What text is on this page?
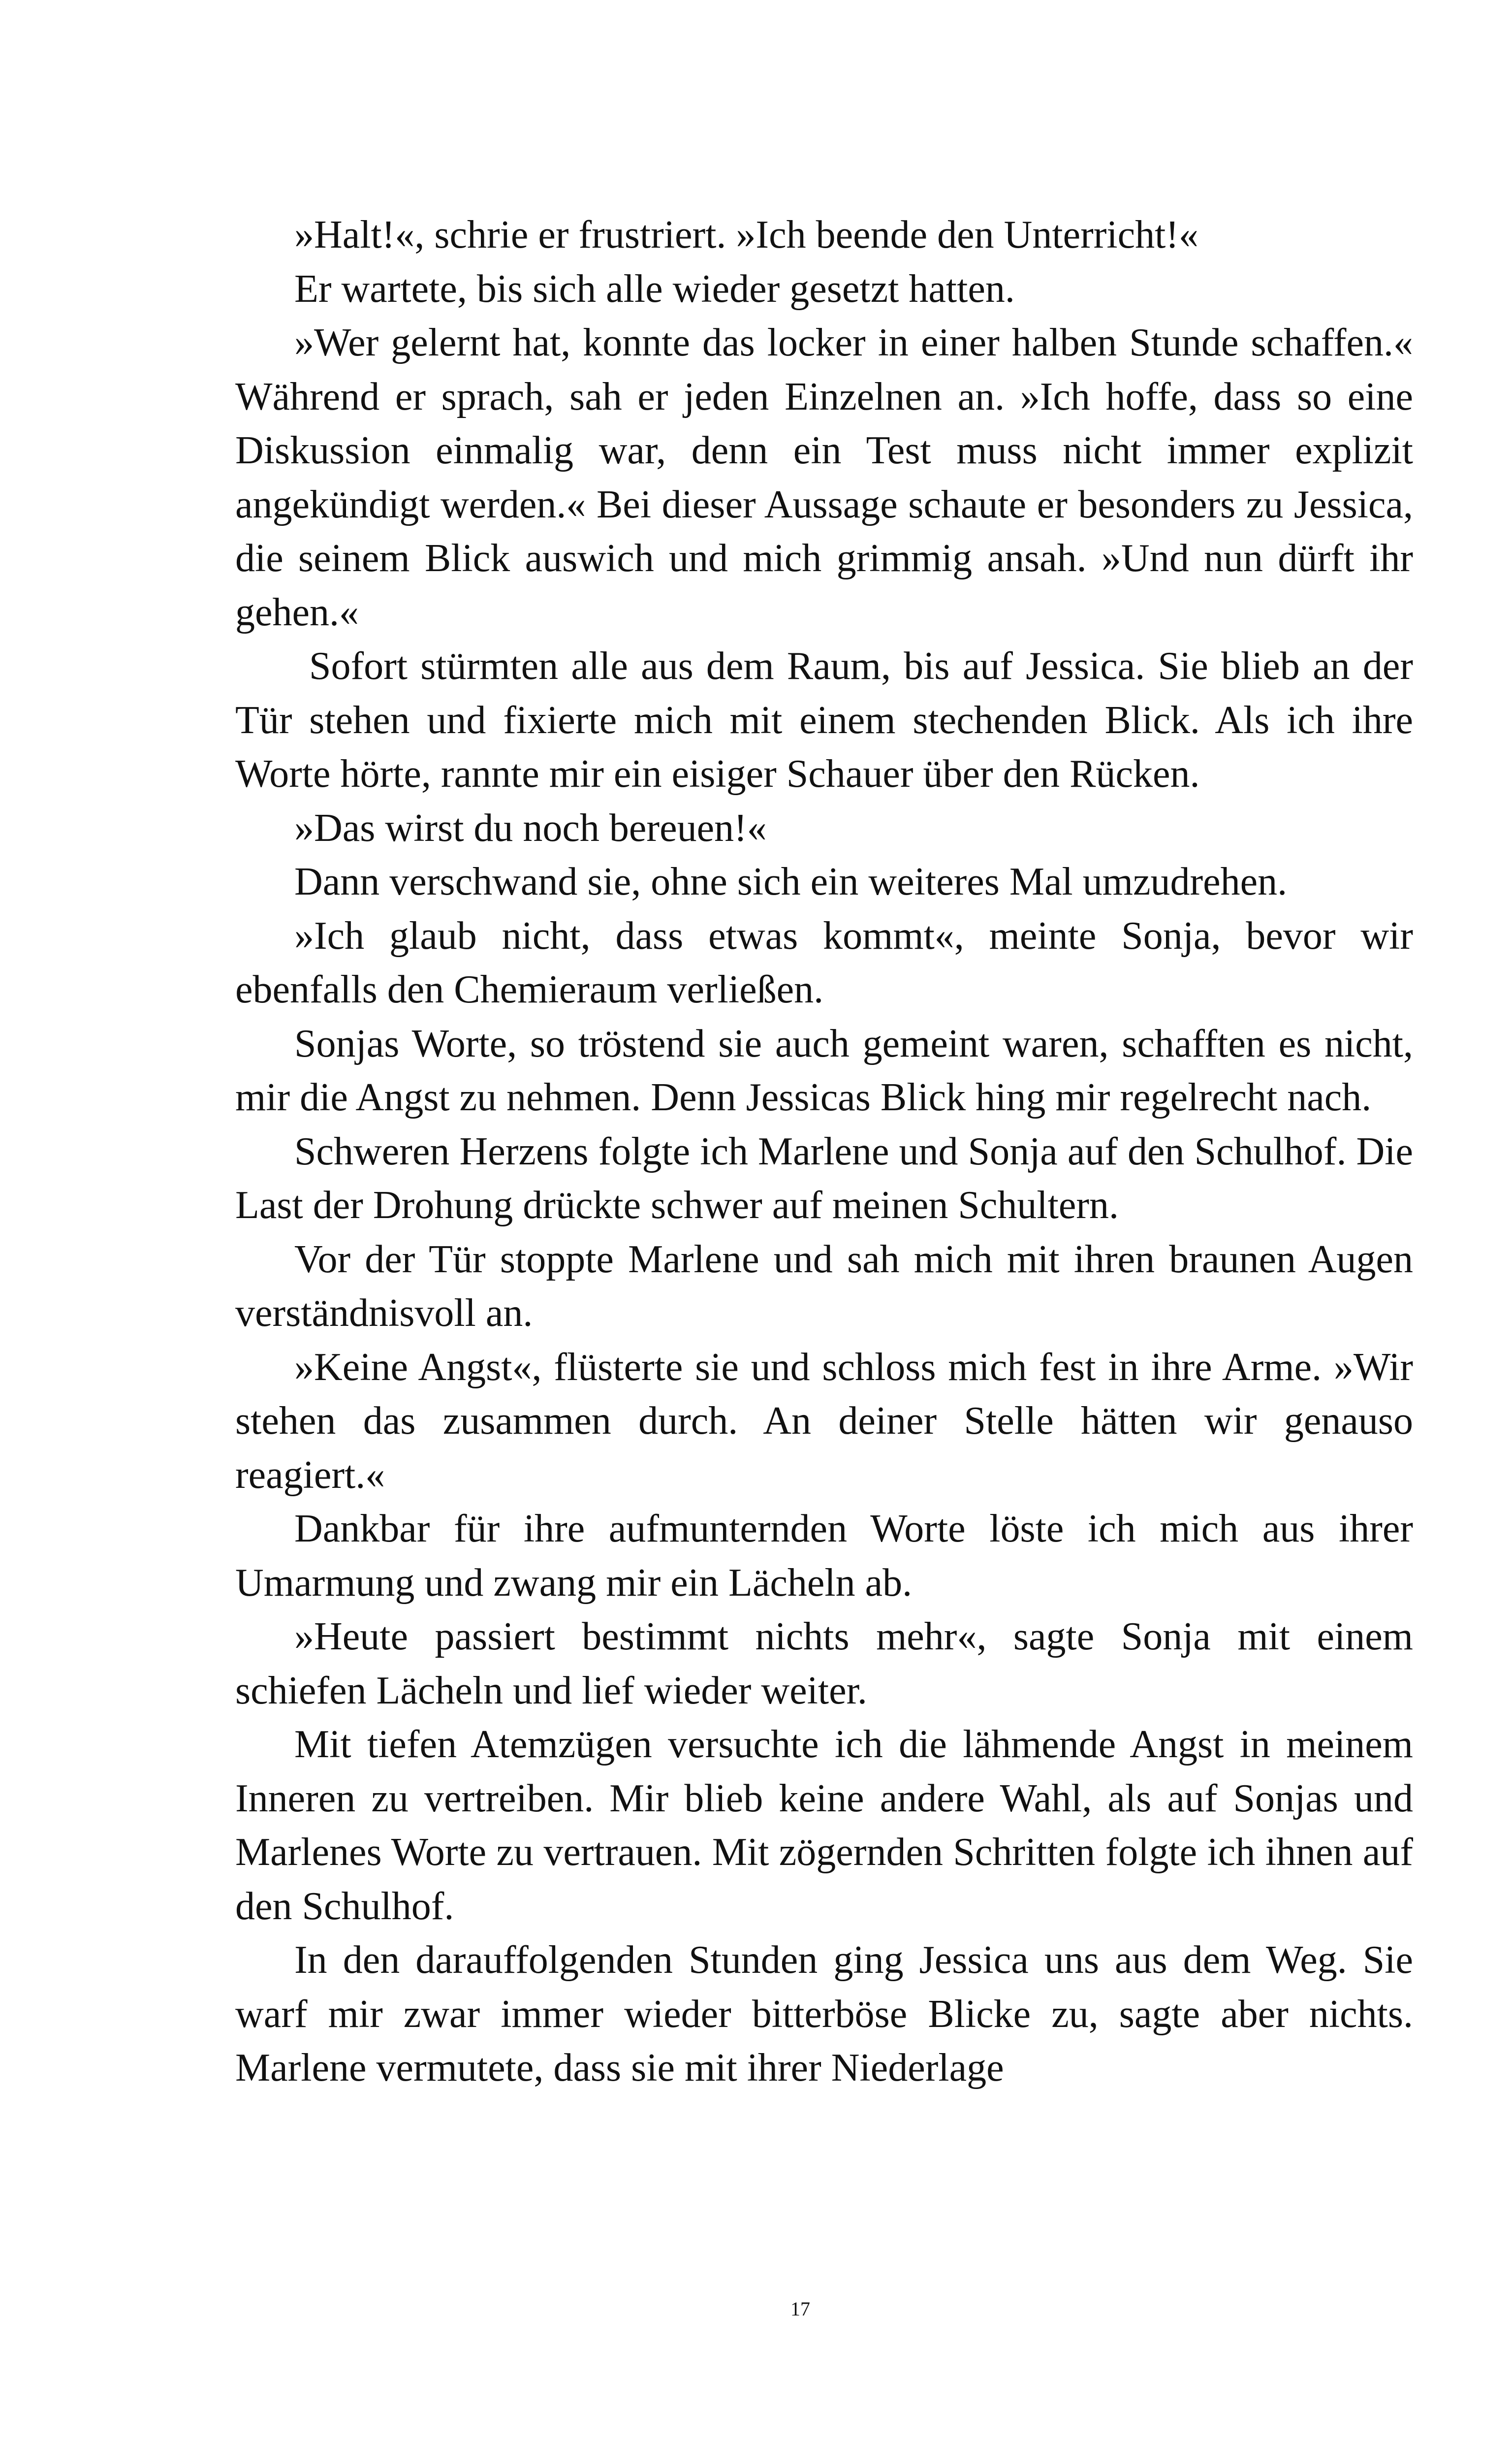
»Halt!«, schrie er frustriert. »Ich beende den Unterricht!«

Er wartete, bis sich alle wieder gesetzt hatten.

»Wer gelernt hat, konnte das locker in einer halben Stunde schaffen.« Während er sprach, sah er jeden Einzelnen an. »Ich hoffe, dass so eine Diskussion einmalig war, denn ein Test muss nicht immer explizit angekündigt werden.« Bei dieser Aussage schaute er besonders zu Jessica, die seinem Blick auswich und mich grimmig ansah. »Und nun dürft ihr gehen.«

Sofort stürmten alle aus dem Raum, bis auf Jessica. Sie blieb an der Tür stehen und fixierte mich mit einem stechenden Blick. Als ich ihre Worte hörte, rannte mir ein eisiger Schauer über den Rücken.

»Das wirst du noch bereuen!«

Dann verschwand sie, ohne sich ein weiteres Mal umzudrehen.

»Ich glaub nicht, dass etwas kommt«, meinte Sonja, bevor wir ebenfalls den Chemieraum verließen.

Sonjas Worte, so tröstend sie auch gemeint waren, schafften es nicht, mir die Angst zu nehmen. Denn Jessicas Blick hing mir regelrecht nach.

Schweren Herzens folgte ich Marlene und Sonja auf den Schulhof. Die Last der Drohung drückte schwer auf meinen Schultern.

Vor der Tür stoppte Marlene und sah mich mit ihren braunen Augen verständnisvoll an.

»Keine Angst«, flüsterte sie und schloss mich fest in ihre Arme. »Wir stehen das zusammen durch. An deiner Stelle hätten wir genauso reagiert.«

Dankbar für ihre aufmunternden Worte löste ich mich aus ihrer Umarmung und zwang mir ein Lächeln ab.

»Heute passiert bestimmt nichts mehr«, sagte Sonja mit einem schiefen Lächeln und lief wieder weiter.

Mit tiefen Atemzügen versuchte ich die lähmende Angst in meinem Inneren zu vertreiben. Mir blieb keine andere Wahl, als auf Sonjas und Marlenes Worte zu vertrauen. Mit zögernden Schritten folgte ich ihnen auf den Schulhof.

In den darauffolgenden Stunden ging Jessica uns aus dem Weg. Sie warf mir zwar immer wieder bitterböse Blicke zu, sagte aber nichts. Marlene vermutete, dass sie mit ihrer Niederlage

17
